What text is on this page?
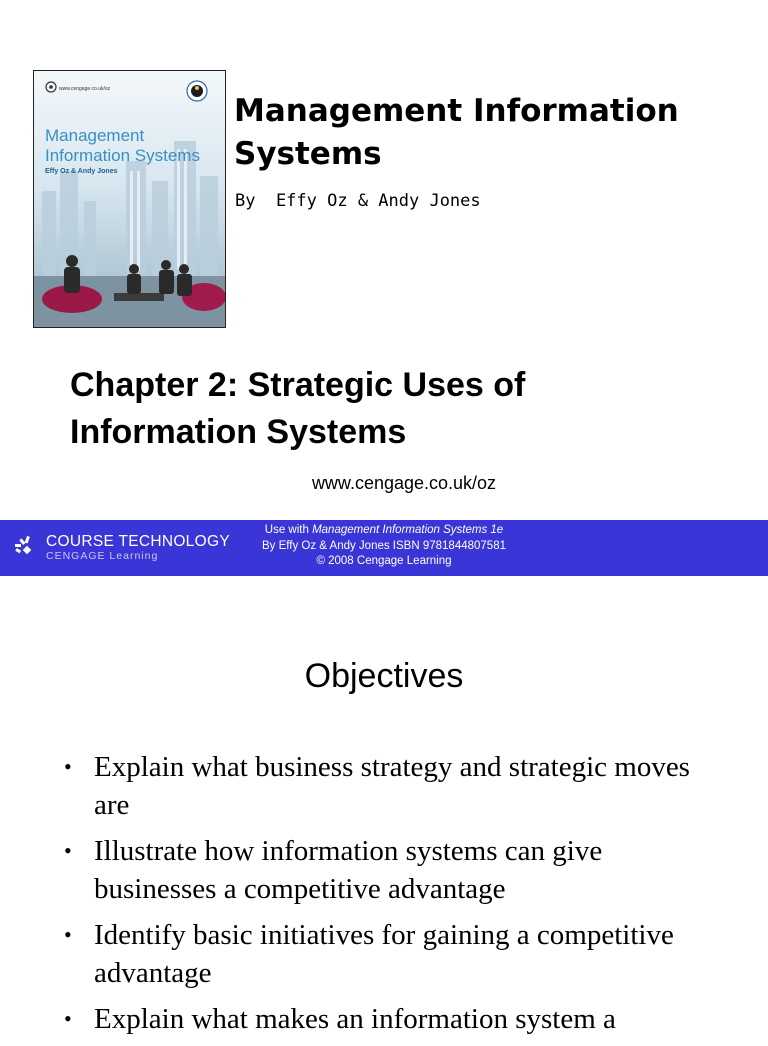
www.cengage.co.uk/oz
Management
Information Systems
Effy Oz & Andy Jones
Management Information
Systems
By  Effy Oz & Andy Jones
Chapter 2: Strategic Uses of
Information Systems
www.cengage.co.uk/oz
COURSE TECHNOLOGY
CENGAGE Learning
Use with Management Information Systems 1e
By Effy Oz & Andy Jones ISBN 9781844807581
© 2008 Cengage Learning
Objectives
• Explain what business strategy and strategic moves are
• Illustrate how information systems can give businesses a competitive advantage
• Identify basic initiatives for gaining a competitive advantage
• Explain what makes an information system a
